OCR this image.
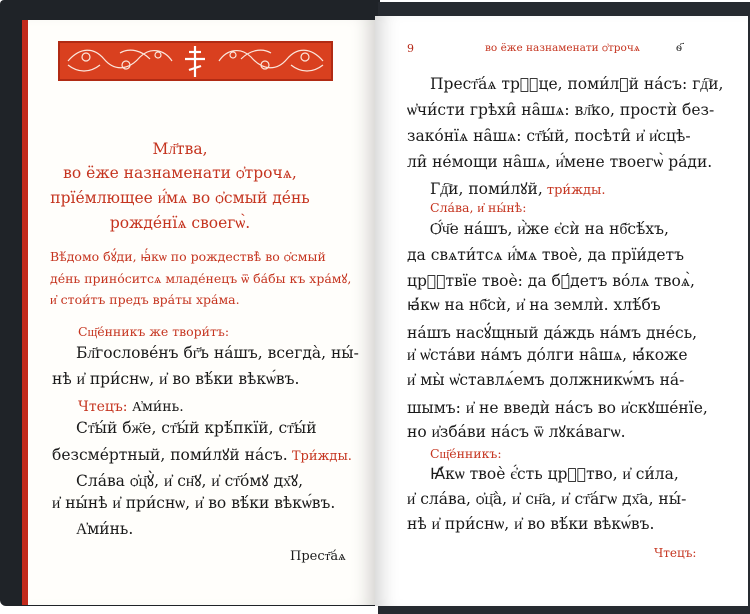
Мл҃тва,
во ёже назнаменати ѻ҆трочѧ,
прїе́млющее и҆́мѧ во ѻ҆смый де́нь
рожде́нїѧ своегѡ̀.
Вѣ́домо бꙋ́ди, ꙗ҆́кѡ по рождествѣ̀ во ѻ҆смый
де́нь прино́ситсѧ младе́нецъ ѿ ба́бы къ хра́мꙋ,
и҆ стои́тъ предъ вра́ты хра́ма.
Сщ҃е́нникъ же твори́тъ:
Бл҃гослове́нъ бг҃ъ на́шъ, всегда̀, ны́-
нѣ и҆ при́снѡ, и҆ во вѣ́ки вѣкѡ́въ.
Чтецъ: А҆ми́нь.
Ст҃ы́й бж҃е, ст҃ы́й крѣ́пкїй, ст҃ы́й
безсме́ртный, поми́лꙋй на́съ. Три́жды.
Сла́ва ѻ҆ц҃ꙋ̀, и҆ сн҃ꙋ, и҆ ст҃о́мꙋ дх҃ꙋ,
и҆ ны́нѣ и҆ при́снѡ, и҆ во вѣ́ки вѣкѡ́въ.
А҆ми́нь.
Прест҃а́ѧ
9	во ёже назнаменати ѻ҆трочѧ	ѳ҃
Прест҃а́ѧ трⷪ҇це, поми́лꙋй на́съ: гд҇и,
ѡ҆чи́сти грѣхи̑ на̑шѧ: вл҃ко, простѝ без-
зако́нїѧ на̑шѧ: ст҃ы́й, посѣти̑ и҆ и҆сцѣ-
ли̑ не́мощи на̑шѧ, и҆́мене твоегѡ̀ ра́ди.
Гд҇и, поми́лꙋй, три́жды.
Сла́ва, и҆ ны́нѣ:
Ѻ҆́ч҃е на́шъ, и҆̀же є҆сѝ на нб҃сѣ́хъ,
да свѧти́тсѧ и҆́мѧ твоѐ, да прїи́детъ
црⷭ҇твїе твоѐ: да бꙋ́детъ во́лѧ твоѧ̀,
ꙗ҆́кѡ на нб҃сѝ, и҆ на землѝ. хлѣ́бъ
на́шъ насꙋ́щный да́ждь на́мъ дне́сь,
и҆ ѡ҆ста́ви на́мъ до́лги на̑шѧ, ꙗ҆́коже
и҆ мы̀ ѡ҆ставлѧ́емъ должникѡ́мъ на́-
шымъ: и҆ не введѝ на́съ во и҆скꙋше́нїе,
но и҆зба́ви на́съ ѿ лꙋка́вагѡ.
Сщ҃е́нникъ:
Ꙗ҆́кѡ твоѐ є҆́сть црⷭ҇тво, и҆ си́ла,
и҆ сла́ва, ѻ҆ц҃а̀, и҆ сн҃а, и҆ ст҃а́гѡ дх҃а, ны́-
нѣ и҆ при́снѡ, и҆ во вѣ́ки вѣкѡ́въ.
Чтецъ:
